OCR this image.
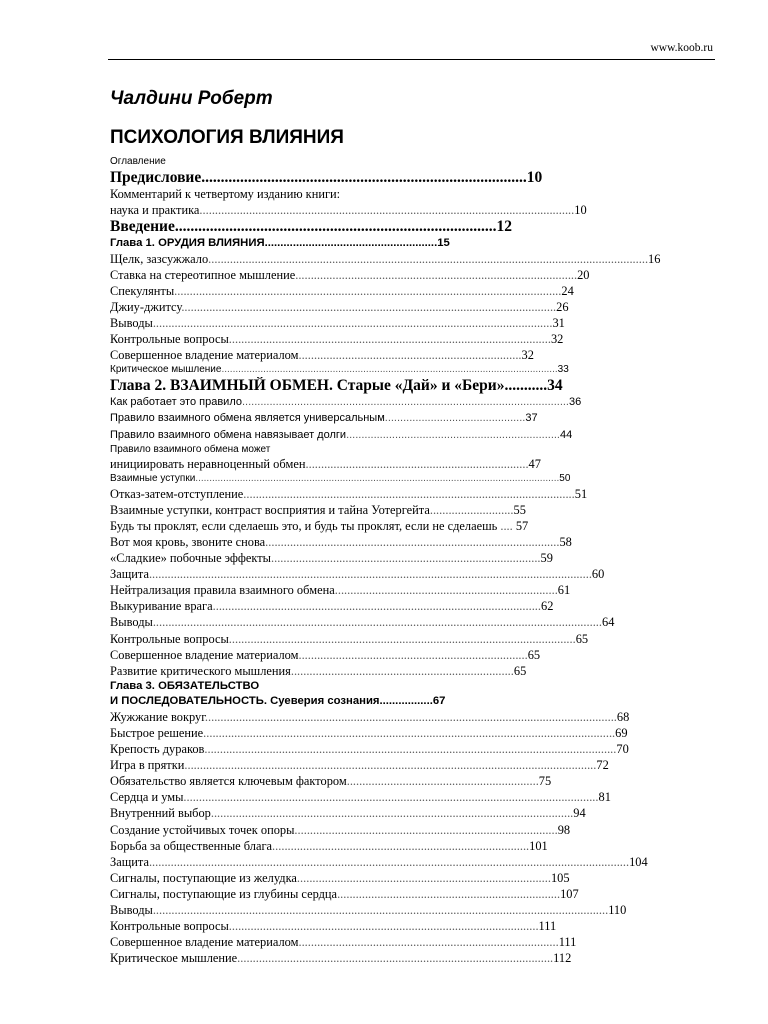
www.koob.ru
Чалдини Роберт
ПСИХОЛОГИЯ ВЛИЯНИЯ
Оглавление
Предисловие....................................................................................10
Комментарий к четвертому изданию книги:
наука и практика.........................................................................................................................10
Введение...................................................................................12
Глава 1. ОРУДИЯ ВЛИЯНИЯ.......................................................15
Щелк, зазсужжало..............................................................................................................................................16
Ставка на стереотипное мышление...........................................................................................20
Спекулянты.............................................................................................................................24
Джиу-джитсу.........................................................................................................................26
Выводы.................................................................................................................................31
Контрольные вопросы........................................................................................................32
Совершенное владение материалом........................................................................32
Критическое мышление.........................................................................................................................33
Глава 2. ВЗАИМНЫЙ ОБМЕН. Старые «Дай» и «Бери»...........34
Как работает это правило...........................................................................................................36
Правило взаимного обмена является универсальным..............................................37
Правило взаимного обмена навязывает долги......................................................................44
Правило взаимного обмена может
инициировать неравноценный обмен........................................................................47
Взаимные уступки...................................................................................................................................50
Отказ-затем-отступление...........................................................................................................51
Взаимные уступки, контраст восприятия и тайна Уотергейта...........................55
Будь ты проклят, если сделаешь это, и будь ты проклят, если не сделаешь .... 57
Вот моя кровь, звоните снова...............................................................................................58
«Сладкие» побочные эффекты.......................................................................................59
Защита...............................................................................................................................................60
Нейтрализация правила взаимного обмена........................................................................61
Выкуривание врага..........................................................................................................62
Выводы.................................................................................................................................................64
Контрольные вопросы................................................................................................................65
Совершенное владение материалом..........................................................................65
Развитие критического мышления........................................................................65
Глава 3. ОБЯЗАТЕЛЬСТВО
И ПОСЛЕДОВАТЕЛЬНОСТЬ. Суеверия сознания.................67
Жужжание вокруг.....................................................................................................................................68
Быстрое решение.....................................................................................................................................69
Крепость дураков.....................................................................................................................................70
Игра в прятки.....................................................................................................................................72
Обязательство является ключевым фактором..............................................................75
Сердца и умы......................................................................................................................................81
Внутренний выбор.....................................................................................................................94
Создание устойчивых точек опоры.....................................................................................98
Борьба за общественные блага...................................................................................101
Защита...........................................................................................................................................................104
Сигналы, поступающие из желудка..................................................................................105
Сигналы, поступающие из глубины сердца........................................................................107
Выводы...................................................................................................................................................110
Контрольные вопросы....................................................................................................111
Совершенное владение материалом....................................................................................111
Критическое мышление......................................................................................................112
